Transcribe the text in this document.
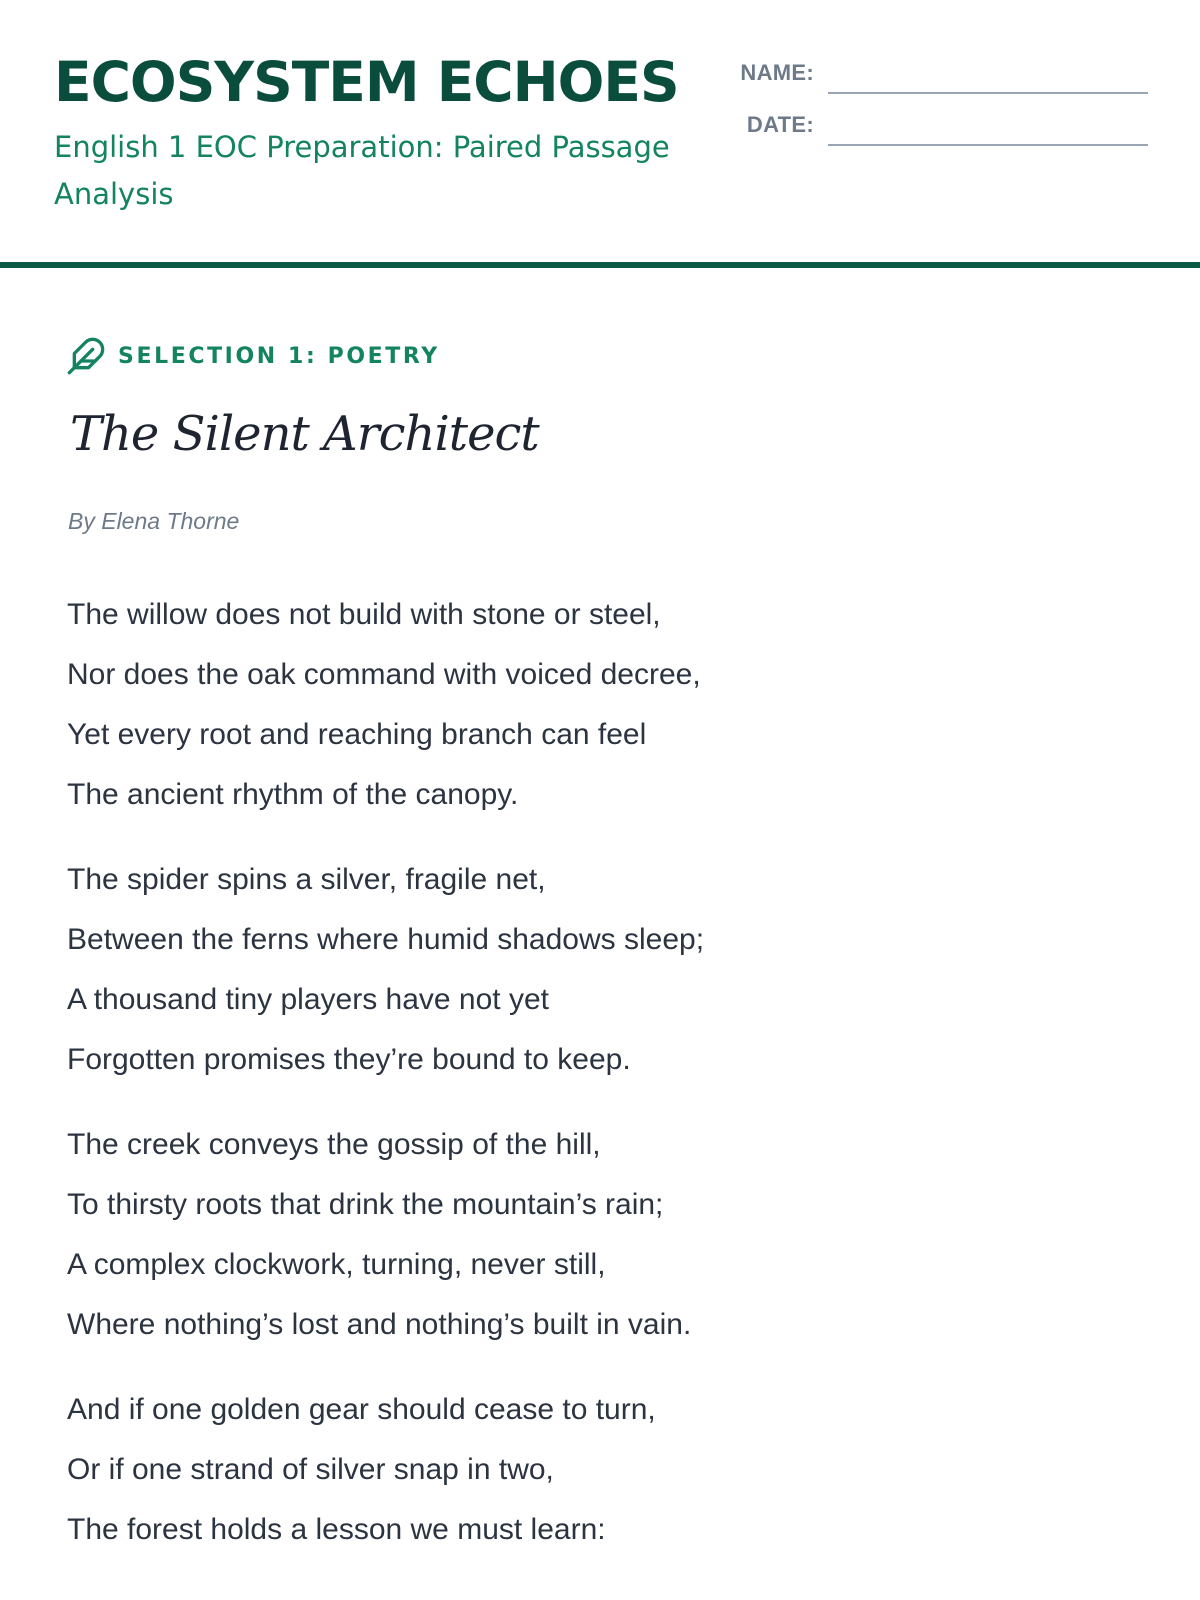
ECOSYSTEM ECHOES

English 1 EOC Preparation: Paired Passage Analysis

NAME:
DATE:
SELECTION 1: POETRY
The Silent Architect
By Elena Thorne
The willow does not build with stone or steel,
Nor does the oak command with voiced decree,
Yet every root and reaching branch can feel
The ancient rhythm of the canopy.
The spider spins a silver, fragile net,
Between the ferns where humid shadows sleep;
A thousand tiny players have not yet
Forgotten promises they’re bound to keep.
The creek conveys the gossip of the hill,
To thirsty roots that drink the mountain’s rain;
A complex clockwork, turning, never still,
Where nothing’s lost and nothing’s built in vain.
And if one golden gear should cease to turn,
Or if one strand of silver snap in two,
The forest holds a lesson we must learn:
